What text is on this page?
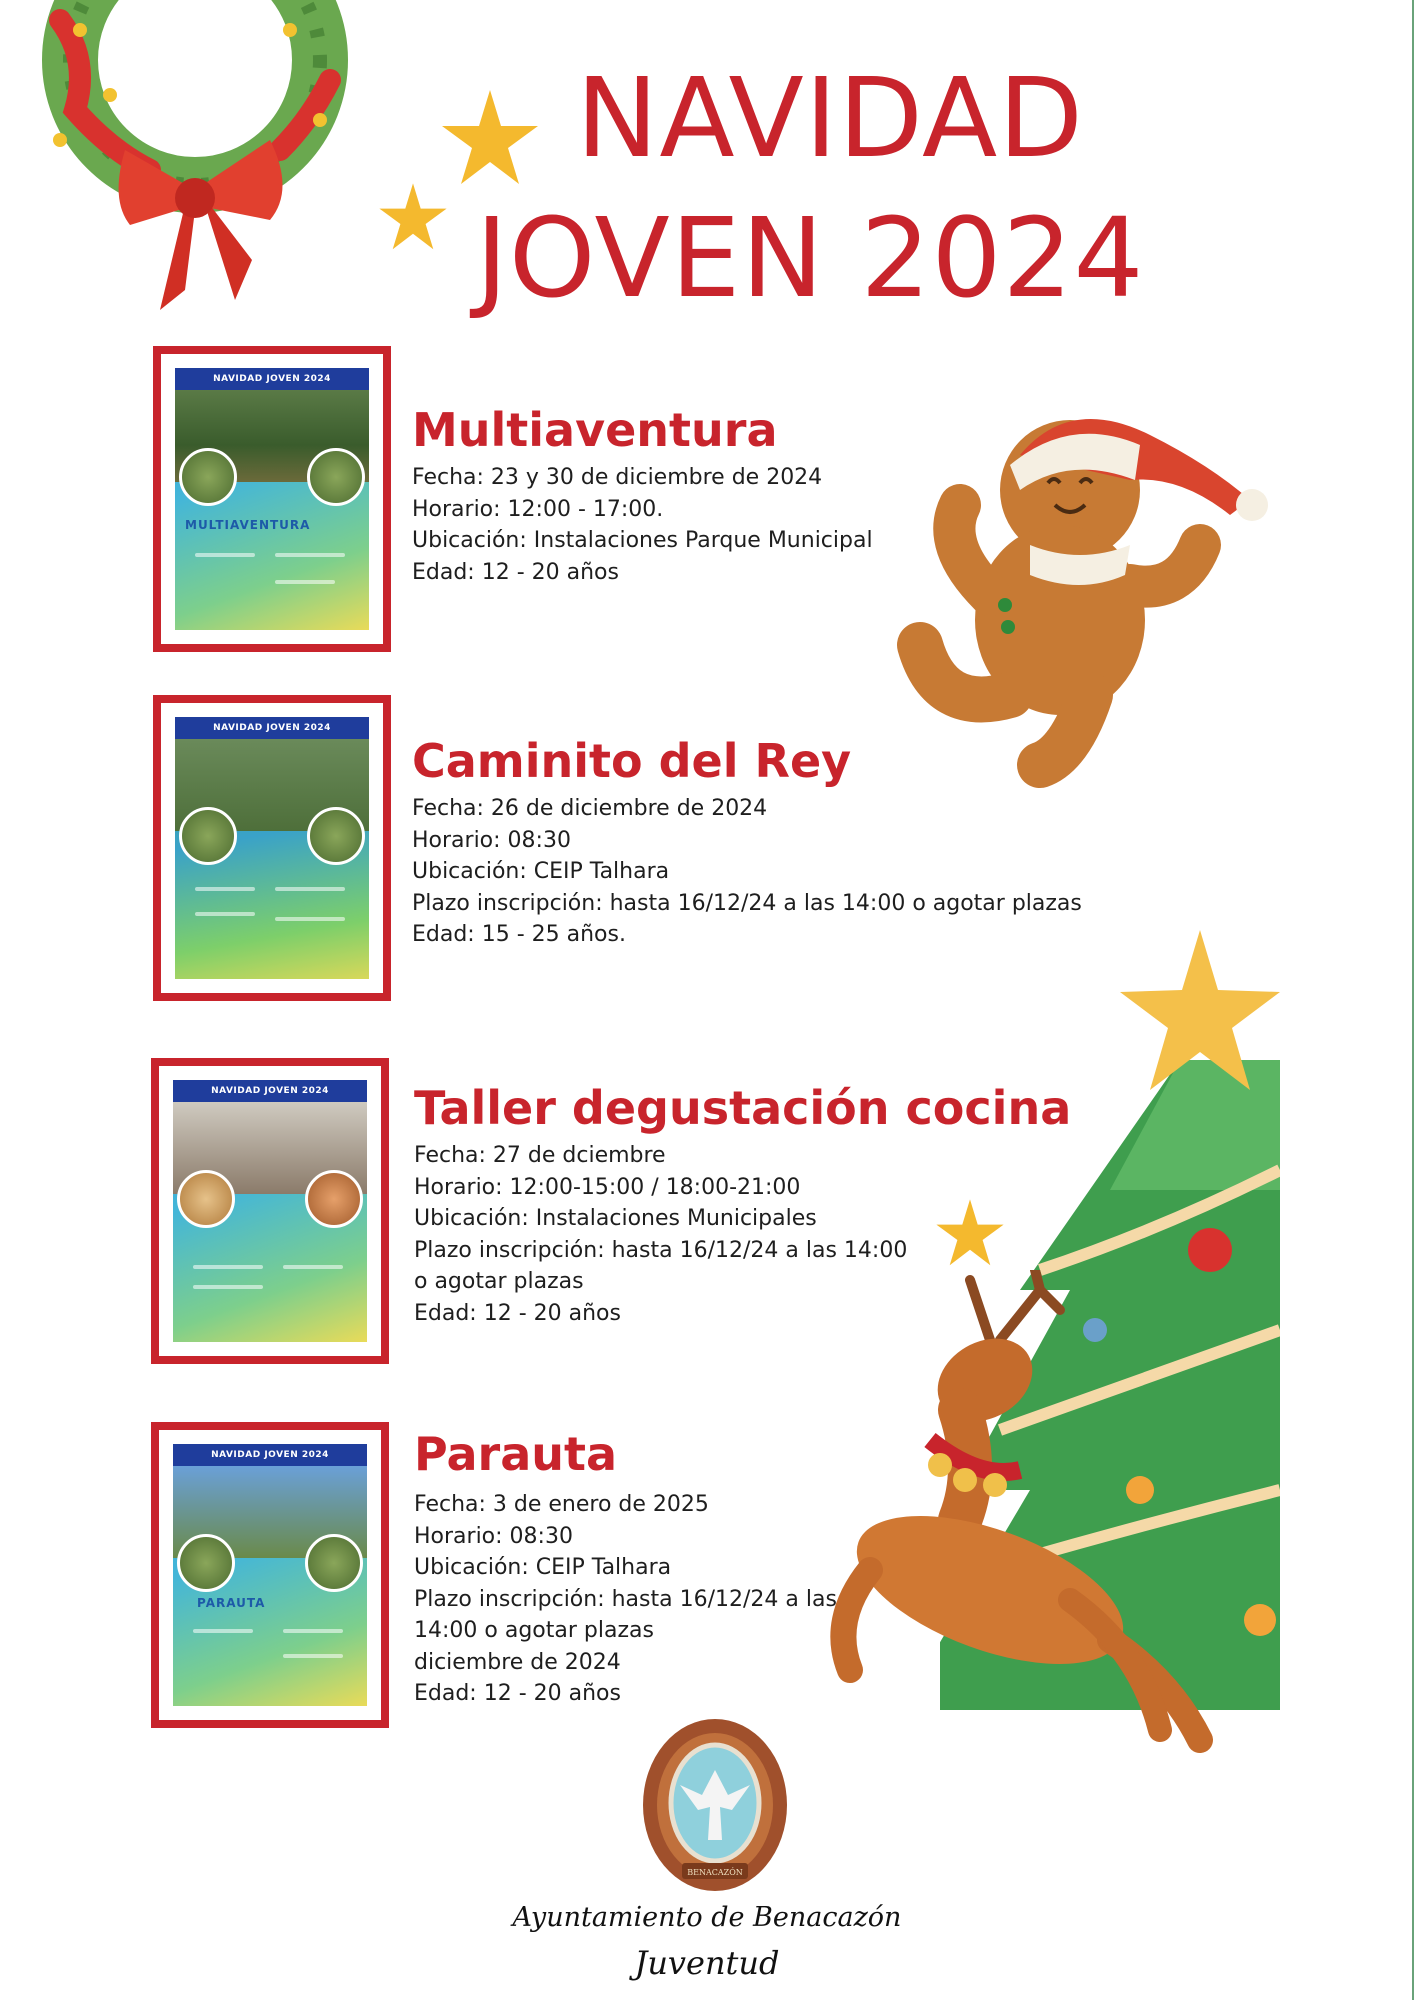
NAVIDAD
JOVEN 2024
NAVIDAD JOVEN 2024
MULTIAVENTURA
Multiaventura
Fecha: 23 y 30 de diciembre de 2024
Horario: 12:00 - 17:00.
Ubicación: Instalaciones Parque Municipal
Edad: 12 - 20 años
NAVIDAD JOVEN 2024
Caminito del Rey
Fecha: 26 de diciembre de 2024
Horario: 08:30
Ubicación: CEIP Talhara
Plazo inscripción: hasta 16/12/24 a las 14:00 o agotar plazas
Edad: 15 - 25 años.
NAVIDAD JOVEN 2024	Taller degustación cocina
Fecha: 27 de dciembre
Horario: 12:00-15:00 / 18:00-21:00
Ubicación: Instalaciones Municipales
Plazo inscripción: hasta 16/12/24 a las 14:00
o agotar plazas
Edad: 12 - 20 años
NAVIDAD JOVEN 2024
PARAUTA
Parauta
Fecha: 3 de enero de 2025
Horario: 08:30
Ubicación: CEIP Talhara
Plazo inscripción: hasta 16/12/24 a las
14:00 o agotar plazas
diciembre de 2024
Edad: 12 - 20 años
BENACAZÓN
Ayuntamiento de Benacazón
Juventud
